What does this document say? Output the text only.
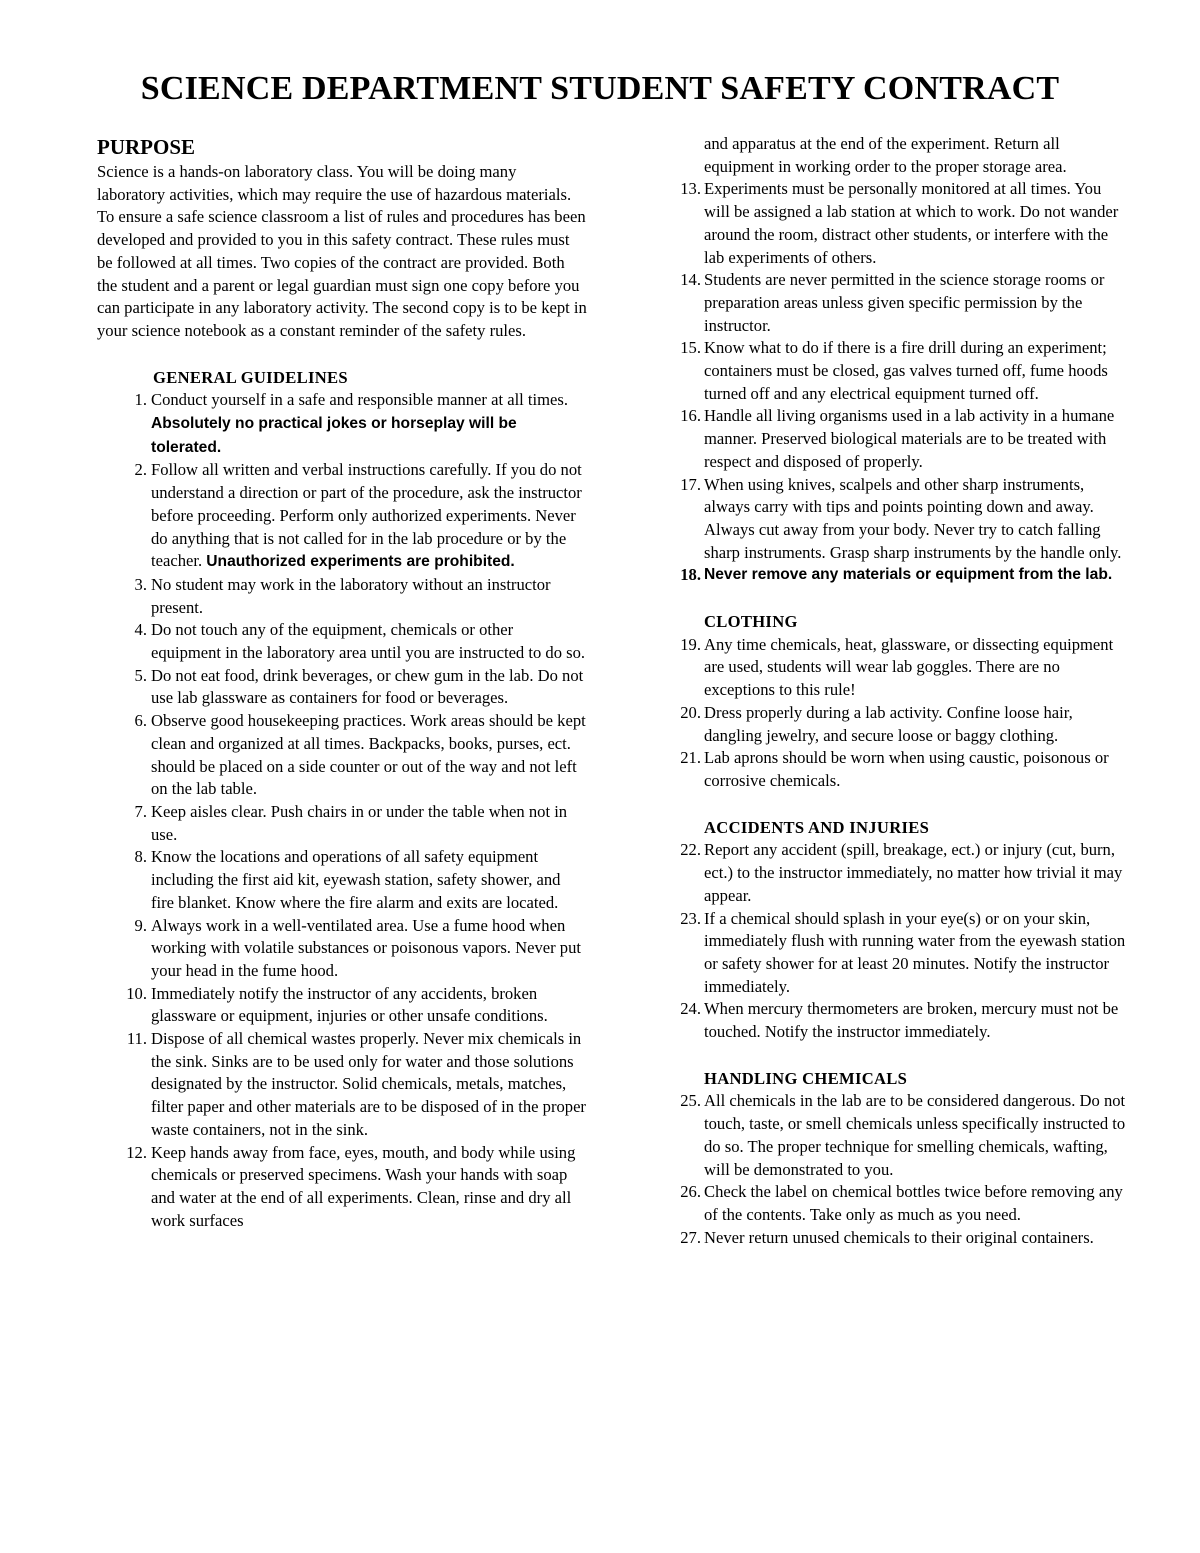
SCIENCE DEPARTMENT STUDENT SAFETY CONTRACT
PURPOSE

Science is a hands-on laboratory class. You will be doing many laboratory activities, which may require the use of hazardous materials. To ensure a safe science classroom a list of rules and procedures has been developed and provided to you in this safety contract. These rules must be followed at all times. Two copies of the contract are provided. Both the student and a parent or legal guardian must sign one copy before you can participate in any laboratory activity. The second copy is to be kept in your science notebook as a constant reminder of the safety rules.

GENERAL GUIDELINES
1. Conduct yourself in a safe and responsible manner at all times. Absolutely no practical jokes or horseplay will be tolerated.
2. Follow all written and verbal instructions carefully. If you do not understand a direction or part of the procedure, ask the instructor before proceeding. Perform only authorized experiments. Never do anything that is not called for in the lab procedure or by the teacher. Unauthorized experiments are prohibited.
3. No student may work in the laboratory without an instructor present.
4. Do not touch any of the equipment, chemicals or other equipment in the laboratory area until you are instructed to do so.
5. Do not eat food, drink beverages, or chew gum in the lab. Do not use lab glassware as containers for food or beverages.
6. Observe good housekeeping practices. Work areas should be kept clean and organized at all times. Backpacks, books, purses, ect. should be placed on a side counter or out of the way and not left on the lab table.
7. Keep aisles clear. Push chairs in or under the table when not in use.
8. Know the locations and operations of all safety equipment including the first aid kit, eyewash station, safety shower, and fire blanket. Know where the fire alarm and exits are located.
9. Always work in a well-ventilated area. Use a fume hood when working with volatile substances or poisonous vapors. Never put your head in the fume hood.
10. Immediately notify the instructor of any accidents, broken glassware or equipment, injuries or other unsafe conditions.
11. Dispose of all chemical wastes properly. Never mix chemicals in the sink. Sinks are to be used only for water and those solutions designated by the instructor. Solid chemicals, metals, matches, filter paper and other materials are to be disposed of in the proper waste containers, not in the sink.
12. Keep hands away from face, eyes, mouth, and body while using chemicals or preserved specimens. Wash your hands with soap and water at the end of all experiments. Clean, rinse and dry all work surfaces
and apparatus at the end of the experiment. Return all equipment in working order to the proper storage area.
13. Experiments must be personally monitored at all times. You will be assigned a lab station at which to work. Do not wander around the room, distract other students, or interfere with the lab experiments of others.
14. Students are never permitted in the science storage rooms or preparation areas unless given specific permission by the instructor.
15. Know what to do if there is a fire drill during an experiment; containers must be closed, gas valves turned off, fume hoods turned off and any electrical equipment turned off.
16. Handle all living organisms used in a lab activity in a humane manner. Preserved biological materials are to be treated with respect and disposed of properly.
17. When using knives, scalpels and other sharp instruments, always carry with tips and points pointing down and away. Always cut away from your body. Never try to catch falling sharp instruments. Grasp sharp instruments by the handle only.
18. Never remove any materials or equipment from the lab.
CLOTHING
19. Any time chemicals, heat, glassware, or dissecting equipment are used, students will wear lab goggles. There are no exceptions to this rule!
20. Dress properly during a lab activity. Confine loose hair, dangling jewelry, and secure loose or baggy clothing.
21. Lab aprons should be worn when using caustic, poisonous or corrosive chemicals.
ACCIDENTS AND INJURIES
22. Report any accident (spill, breakage, ect.) or injury (cut, burn, ect.) to the instructor immediately, no matter how trivial it may appear.
23. If a chemical should splash in your eye(s) or on your skin, immediately flush with running water from the eyewash station or safety shower for at least 20 minutes. Notify the instructor immediately.
24. When mercury thermometers are broken, mercury must not be touched. Notify the instructor immediately.
HANDLING CHEMICALS
25. All chemicals in the lab are to be considered dangerous. Do not touch, taste, or smell chemicals unless specifically instructed to do so. The proper technique for smelling chemicals, wafting, will be demonstrated to you.
26. Check the label on chemical bottles twice before removing any of the contents. Take only as much as you need.
27. Never return unused chemicals to their original containers.
